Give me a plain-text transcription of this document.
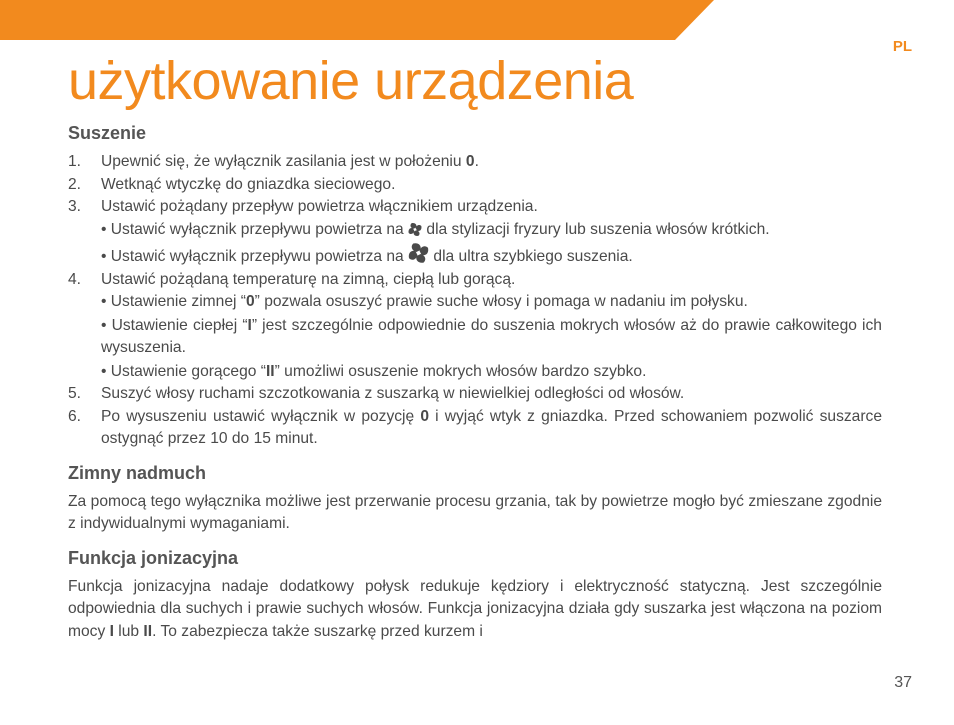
PL
użytkowanie urządzenia
Suszenie
1. Upewnić się, że wyłącznik zasilania jest w położeniu 0.
2. Wetknąć wtyczkę do gniazdka sieciowego.
3. Ustawić pożądany przepływ powietrza włącznikiem urządzenia.
• Ustawić wyłącznik przepływu powietrza na  dla stylizacji fryzury lub suszenia włosów krótkich.
• Ustawić wyłącznik przepływu powietrza na  dla ultra szybkiego suszenia.
4. Ustawić pożądaną temperaturę na zimną, ciepłą lub gorącą.
• Ustawienie zimnej “0” pozwala osuszyć prawie suche włosy i pomaga w nadaniu im połysku.
• Ustawienie ciepłej “I” jest szczególnie odpowiednie do suszenia mokrych włosów aż do prawie całkowitego ich wysuszenia.
• Ustawienie gorącego “II” umożliwi osuszenie mokrych włosów bardzo szybko.
5. Suszyć włosy ruchami szczotkowania z suszarką w niewielkiej odległości od włosów.
6. Po wysuszeniu ustawić wyłącznik w pozycję 0 i wyjąć wtyk z gniazdka. Przed schowaniem pozwolić suszarce ostygnąć przez 10 do 15 minut.
Zimny nadmuch

Za pomocą tego wyłącznika możliwe jest przerwanie procesu grzania, tak by powietrze mogło być zmieszane zgodnie z indywidualnymi wymaganiami.

Funkcja jonizacyjna

Funkcja jonizacyjna nadaje dodatkowy połysk redukuje kędziory i elektryczność statyczną. Jest szczególnie odpowiednia dla suchych i prawie suchych włosów. Funkcja jonizacyjna działa gdy suszarka jest włączona na poziom mocy I lub II. To zabezpiecza także suszarkę przed kurzem i

37
